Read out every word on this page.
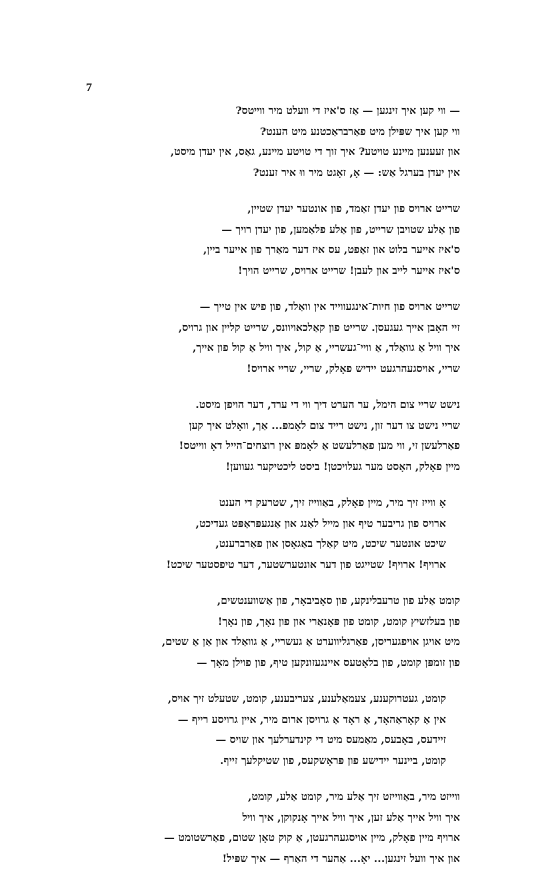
7
— ווי קען איך זינגען — אַז ס'איז די וועלט מיר ווײטס?
ווי קען איך שפּילן מיט פאַרבראַכטנע מיט הענט?
און זעענען מיינע טויטע? איך זוך די טויטע מיינע, גאַס, אין יעדן מיסט,
אין יעדן בערגל אַש: — אָ, זאָגט מיר ווּ איר זענט?
שרייט ארויס פון יעדן זאַמד, פון אונטער יעדן שטיין,
פון אַלע שטויבן שרייט, פון אַלע פלאַמען, פון יעדן רויך —
ס'איז אייער בלוט און זאַפט, עס איז דער מאַרך פון אייער ביין,
ס'איז אייער לייב און לעבן! שרייט ארויס, שרייט הויך!
שרייט ארויס פון חיות־אינגעווייד אין וואַלד, פון פיש אין טייך —
זיי האָבן אייך געגעסן. שרייט פון קאַלכאויוונס, שרייט קליין און גרויס,
איך וויל אַ גוואַלד, אַ וויי־געשריי, אַ קול, איך וויל אַ קול פון אייך,
שריי, אויסגעהרגעט יידיש פאָלק, שריי, שריי ארויס!
נישט שריי צום הימל, ער הערט דיך ווי די ערד, דער הויפן מיסט.
שריי נישט צו דער זון, נישט רייד צום לאָמפּ... אַך, וואָלט איך קען
פאַרלעשן זי, ווי מען פאַרלעשט אַ לאָמפּ אין רוצחים־הייל דאָ ווײטס!
מיין פאָלק, האָסט מער געלויכטן! ביסט ליכטיקער געווען!
אָ ווייז זיך מיר, מיין פאָלק, באַווייז זיך, שטרעק די הענט
ארויס פון גריבער טיף און מייל לאַנג און אַנגעפּראַפּט געדיכט,
שיכט אונטער שיכט, מיט קאַלך באַגאָסן און פאַרברענט,
ארויף! ארויף! שטייגט פון דער אונטערשטער, דער טיפסטער שיכט!
קומט אַלע פון טרעבלינקע, פון סאָביבאָר, פון אַשווענטשים,
פון בעלזשיץ קומט, קומט פון פּאָנאַרי און פון נאָך, פון נאָך!
מיט אויגן אויפגעריסן, פאַרגליווערט אַ געשריי, אַ גוואַלד און אַן אַ שטים,
פון זומפּן קומט, פון בלאָטעס איינגעזונקען טיף, פון פוילן מאָך —
קומט, געטרוקענע, צעמאַלענע, צעריבענע, קומט, שטעלט זיך אויס,
אין אַ קאָראַהאָד, אַ ראָד אַ גרויסן ארום מיר, איין גרויסע רייף —
זיידעס, באָבעס, מאַמעס מיט די קינדערלעך און שויס —
קומט, ביינער יידישע פון פּראָשקעס, פון שטיקלעך זייף.
ווייזט מיר, באַווייזט זיך אַלע מיר, קומט אַלע, קומט,
איך וויל אייך אַלע זען, איך וויל אייך אָנקוקן, איך וויל
ארויף מיין פאָלק, מיין אויסגעהרגעטן, אַ קוק טאָן שטום, פאַרשטומט —
און איך וועל זינגען... יאָ... אַהער די האַרף — איך שפּיל!
